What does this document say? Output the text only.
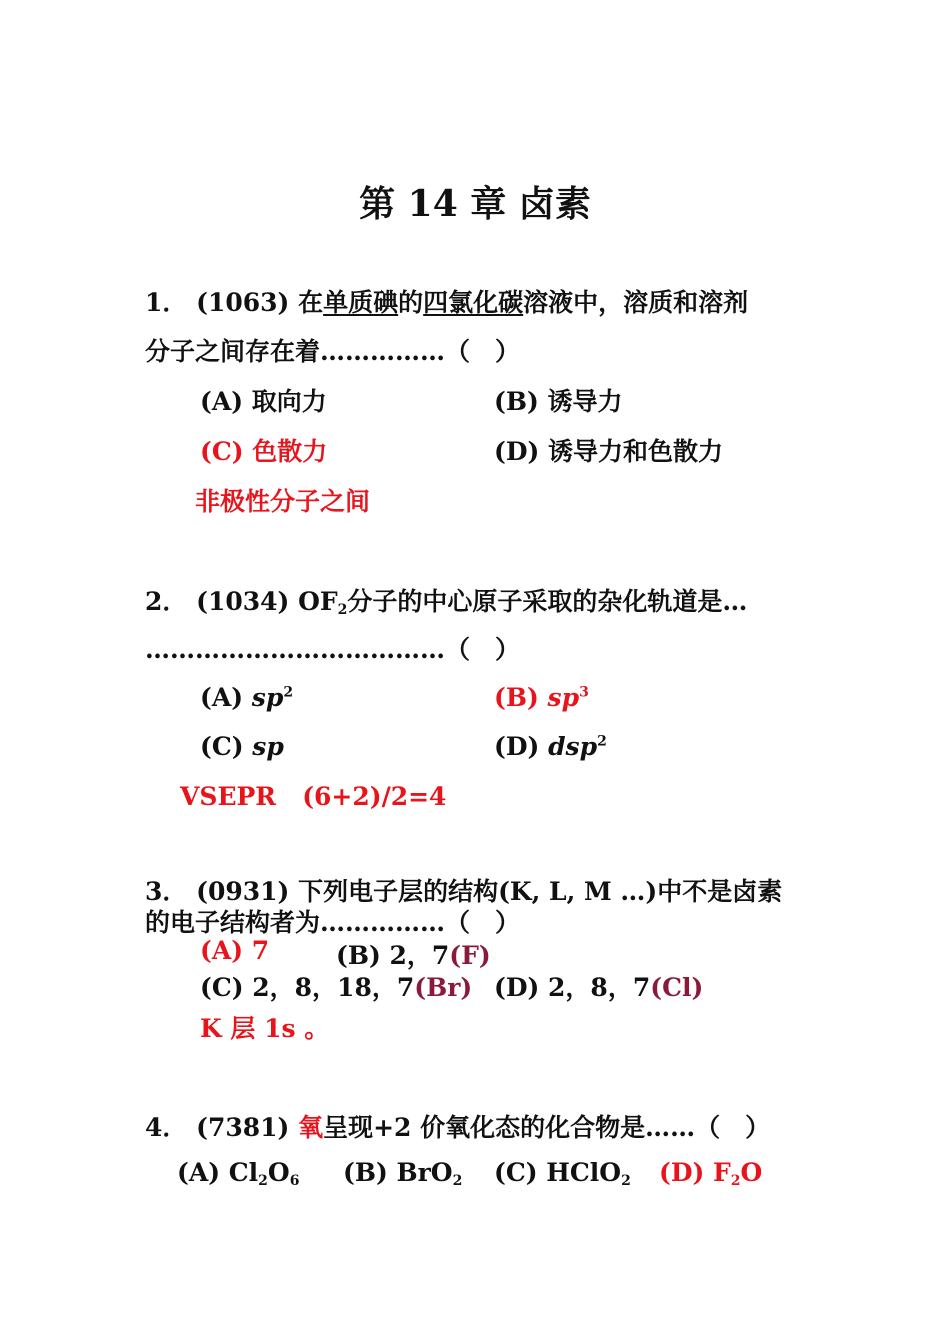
第 14 章 卤素
1． (1063) 在单质碘的四氯化碳溶液中，溶质和溶剂
分子之间存在着……………（　）
(A) 取向力	(B) 诱导力
(C) 色散力	(D) 诱导力和色散力
非极性分子之间
2． (1034) $OF_2$分子的中心原子采取的杂化轨道是…
………………………………（　）
(A) $sp^2$	(B) $sp^3$
(C) sp	(D) dsp$^2$
VSEPR   (6+2)/2=4
3． (0931) 下列电子层的结构(K, L, M …)中不是卤素
的电子结构者为……………（　）
(A) 7	(B) 2，7(F)
(C) 2，8，18，7(Br) (D) 2，8，7(Cl)
K 层 1s 。
4． (7381) 氧呈现+2 价氧化态的化合物是……（　）
(A) $Cl_2O_6$ (B) BrO$_2$ (C) HClO$_2$ (D) $F_2O$
